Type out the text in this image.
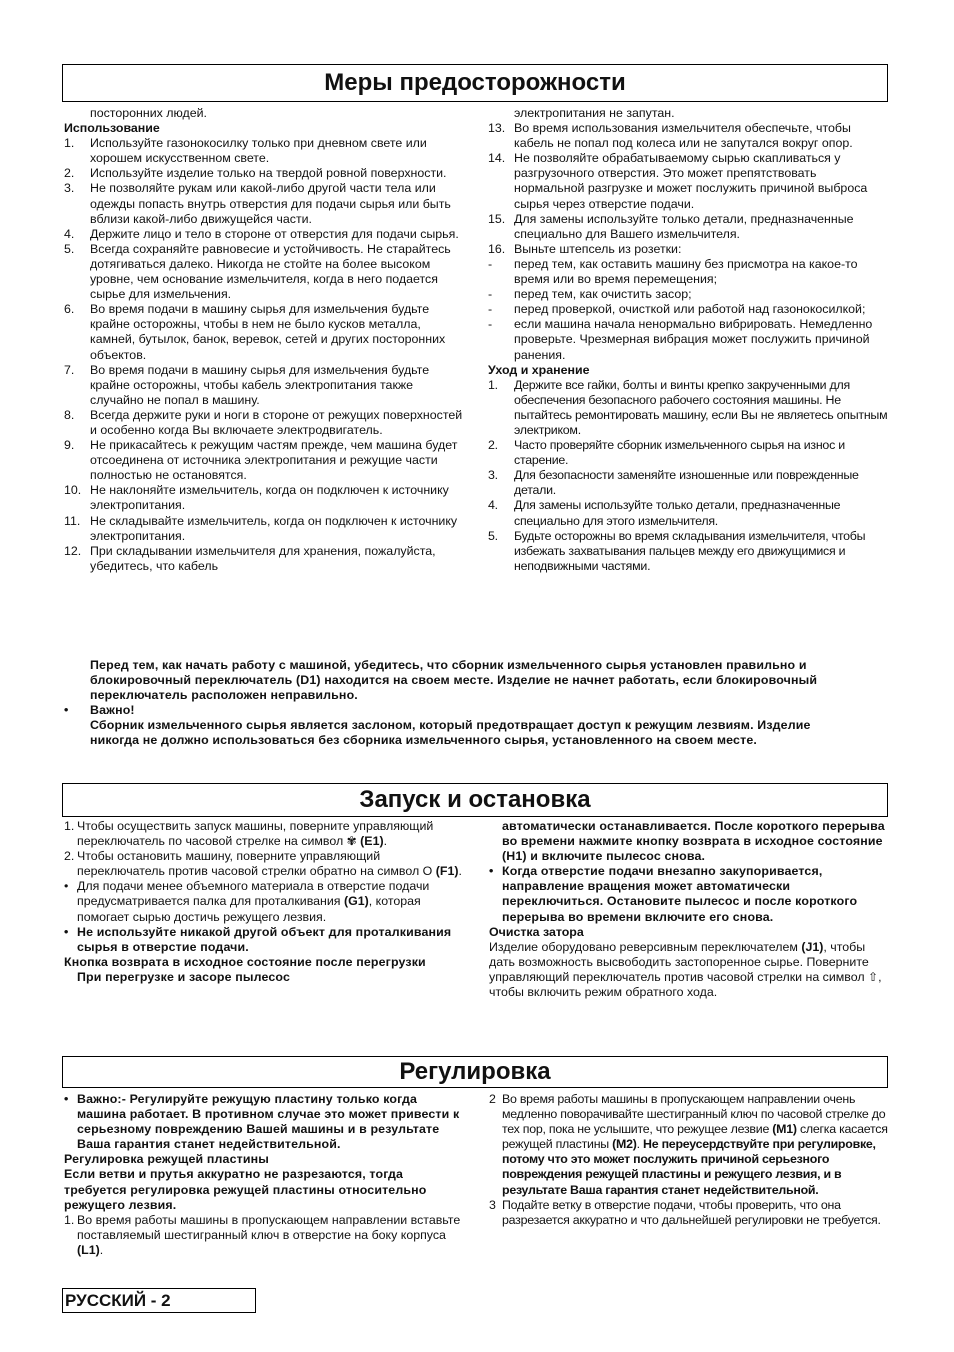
Меры предосторожности

посторонних людей.

Использование

1.	Используйте газонокосилку только при дневном свете или хорошем искусственном свете.
2.	Используйте изделие только на твердой ровной поверхности.
3.	Не позволяйте рукам или какой-либо другой части тела или одежды попасть внутрь отверстия для подачи сырья или быть вблизи какой-либо движущейся части.
4.	Держите лицо и тело в стороне от отверстия для подачи сырья.
5.	Всегда сохраняйте равновесие и устойчивость. Не старайтесь дотягиваться далеко. Никогда не стойте на более высоком уровне, чем основание измельчителя, когда в него подается сырье для измельчения.
6.	Во время подачи в машину сырья для измельчения будьте крайне осторожны, чтобы в нем не было кусков металла, камней, бутылок, банок, веревок, сетей и других посторонних объектов.
7.	Во время подачи в машину сырья для измельчения будьте крайне осторожны, чтобы кабель электропитания также случайно не попал в машину.
8.	Всегда держите руки и ноги в стороне от режущих поверхностей и особенно когда Вы включаете электродвигатель.
9.	Не прикасайтесь к режущим частям прежде, чем машина будет отсоединена от источника электропитания и режущие части полностью не остановятся.
10. Не наклоняйте измельчитель, когда он подключен к источнику электропитания.
11. Не складывайте измельчитель, когда он подключен к источнику электропитания.
12. При складывании измельчителя для хранения, пожалуйста, убедитесь, что кабель

электропитания не запутан.

13. Во время использования измельчителя обеспечьте, чтобы кабель не попал под колеса или не запутался вокруг опор.
14. Не позволяйте обрабатываемому сырью скапливаться у разгрузочного отверстия. Это может препятствовать нормальной разгрузке и может послужить причиной выброса сырья через отверстие подачи.
15. Для замены используйте только детали, предназначенные специально для Вашего измельчителя.
16. Выньте штепсель из розетки:
-	перед тем, как оставить машину без присмотра на какое-то время или во время перемещения;
-	перед тем, как очистить засор;
-	перед проверкой, очисткой или работой над газонокосилкой;
-	если машина начала ненормально вибрировать. Немедленно проверьте. Чрезмерная вибрация может послужить причиной ранения.

Уход и хранение

1.	Держите все гайки, болты и винты крепко закрученными для обеспечения безопасного рабочего состояния машины. Не пытайтесь ремонтировать машину, если Вы не являетесь опытным электриком.
2.	Часто проверяйте сборник измельченного сырья на износ и старение.
3.	Для безопасности заменяйте изношенные или поврежденные детали.
4.	Для замены используйте только детали, предназначенные специально для этого измельчителя.
5.	Будьте осторожны во время складывания измельчителя, чтобы избежать захватывания пальцев между его движущимися и неподвижными частями.

Перед тем, как начать работу с машиной, убедитесь, что сборник измельченного сырья установлен правильно и блокировочный переключатель (D1) находится на своем месте. Изделие не начнет работать, если блокировочный переключатель расположен неправильно.

•	Важно!

Сборник измельченного сырья является заслоном, который предотвращает доступ к режущим лезвиям. Изделие никогда не должно использоваться без сборника измельченного сырья, установленного на своем месте.

Запуск и остановка
1. Чтобы осуществить запуск машины, поверните управляющий переключатель по часовой стрелке на символ ✾ (E1).
2. Чтобы остановить машину, поверните управляющий переключатель против часовой стрелки обратно на символ O (F1).
• Для подачи менее объемного материала в отверстие подачи предусматривается палка для проталкивания (G1), которая помогает сырью достичь режущего лезвия.
• Не используйте никакой другой объект для проталкивания сырья в отверстие подачи.

Кнопка возврата в исходное состояние после перегрузки

При перегрузке и засоре пылесос

автоматически останавливается. После короткого перерыва во времени нажмите кнопку возврата в исходное состояние (H1) и включите пылесос снова.

• Когда отверстие подачи внезапно закупоривается, направление вращения может автоматически переключиться. Остановите пылесос и после короткого перерыва во времени включите его снова.

Очистка затора

Изделие оборудовано реверсивным переключателем (J1), чтобы дать возможность высвободить застопоренное сырье. Поверните управляющий переключатель против часовой стрелки на символ ⇧, чтобы включить режим обратного хода.

Регулировка
• Важно:- Регулируйте режущую пластину только когда машина работает. В противном случае это может привести к серьезному повреждению Вашей машины и в результате Ваша гарантия станет недействительной.

Регулировка режущей пластины

Если ветви и прутья аккуратно не разрезаются, тогда требуется регулировка режущей пластины относительно режущего лезвия.

1. Во время работы машины в пропускающем направлении вставьте поставляемый шестигранный ключ в отверстие на боку корпуса (L1).
2 Во время работы машины в пропускающем направлении очень медленно поворачивайте шестигранный ключ по часовой стрелке до тех пор, пока не услышите, что режущее лезвие (M1) слегка касается режущей пластины (M2). Не переусердствуйте при регулировке, потому что это может послужить причиной серьезного повреждения режущей пластины и режущего лезвия, и в результате Ваша гарантия станет недействительной.
3 Подайте ветку в отверстие подачи, чтобы проверить, что она разрезается аккуратно и что дальнейшей регулировки не требуется.
РУССКИЙ - 2
